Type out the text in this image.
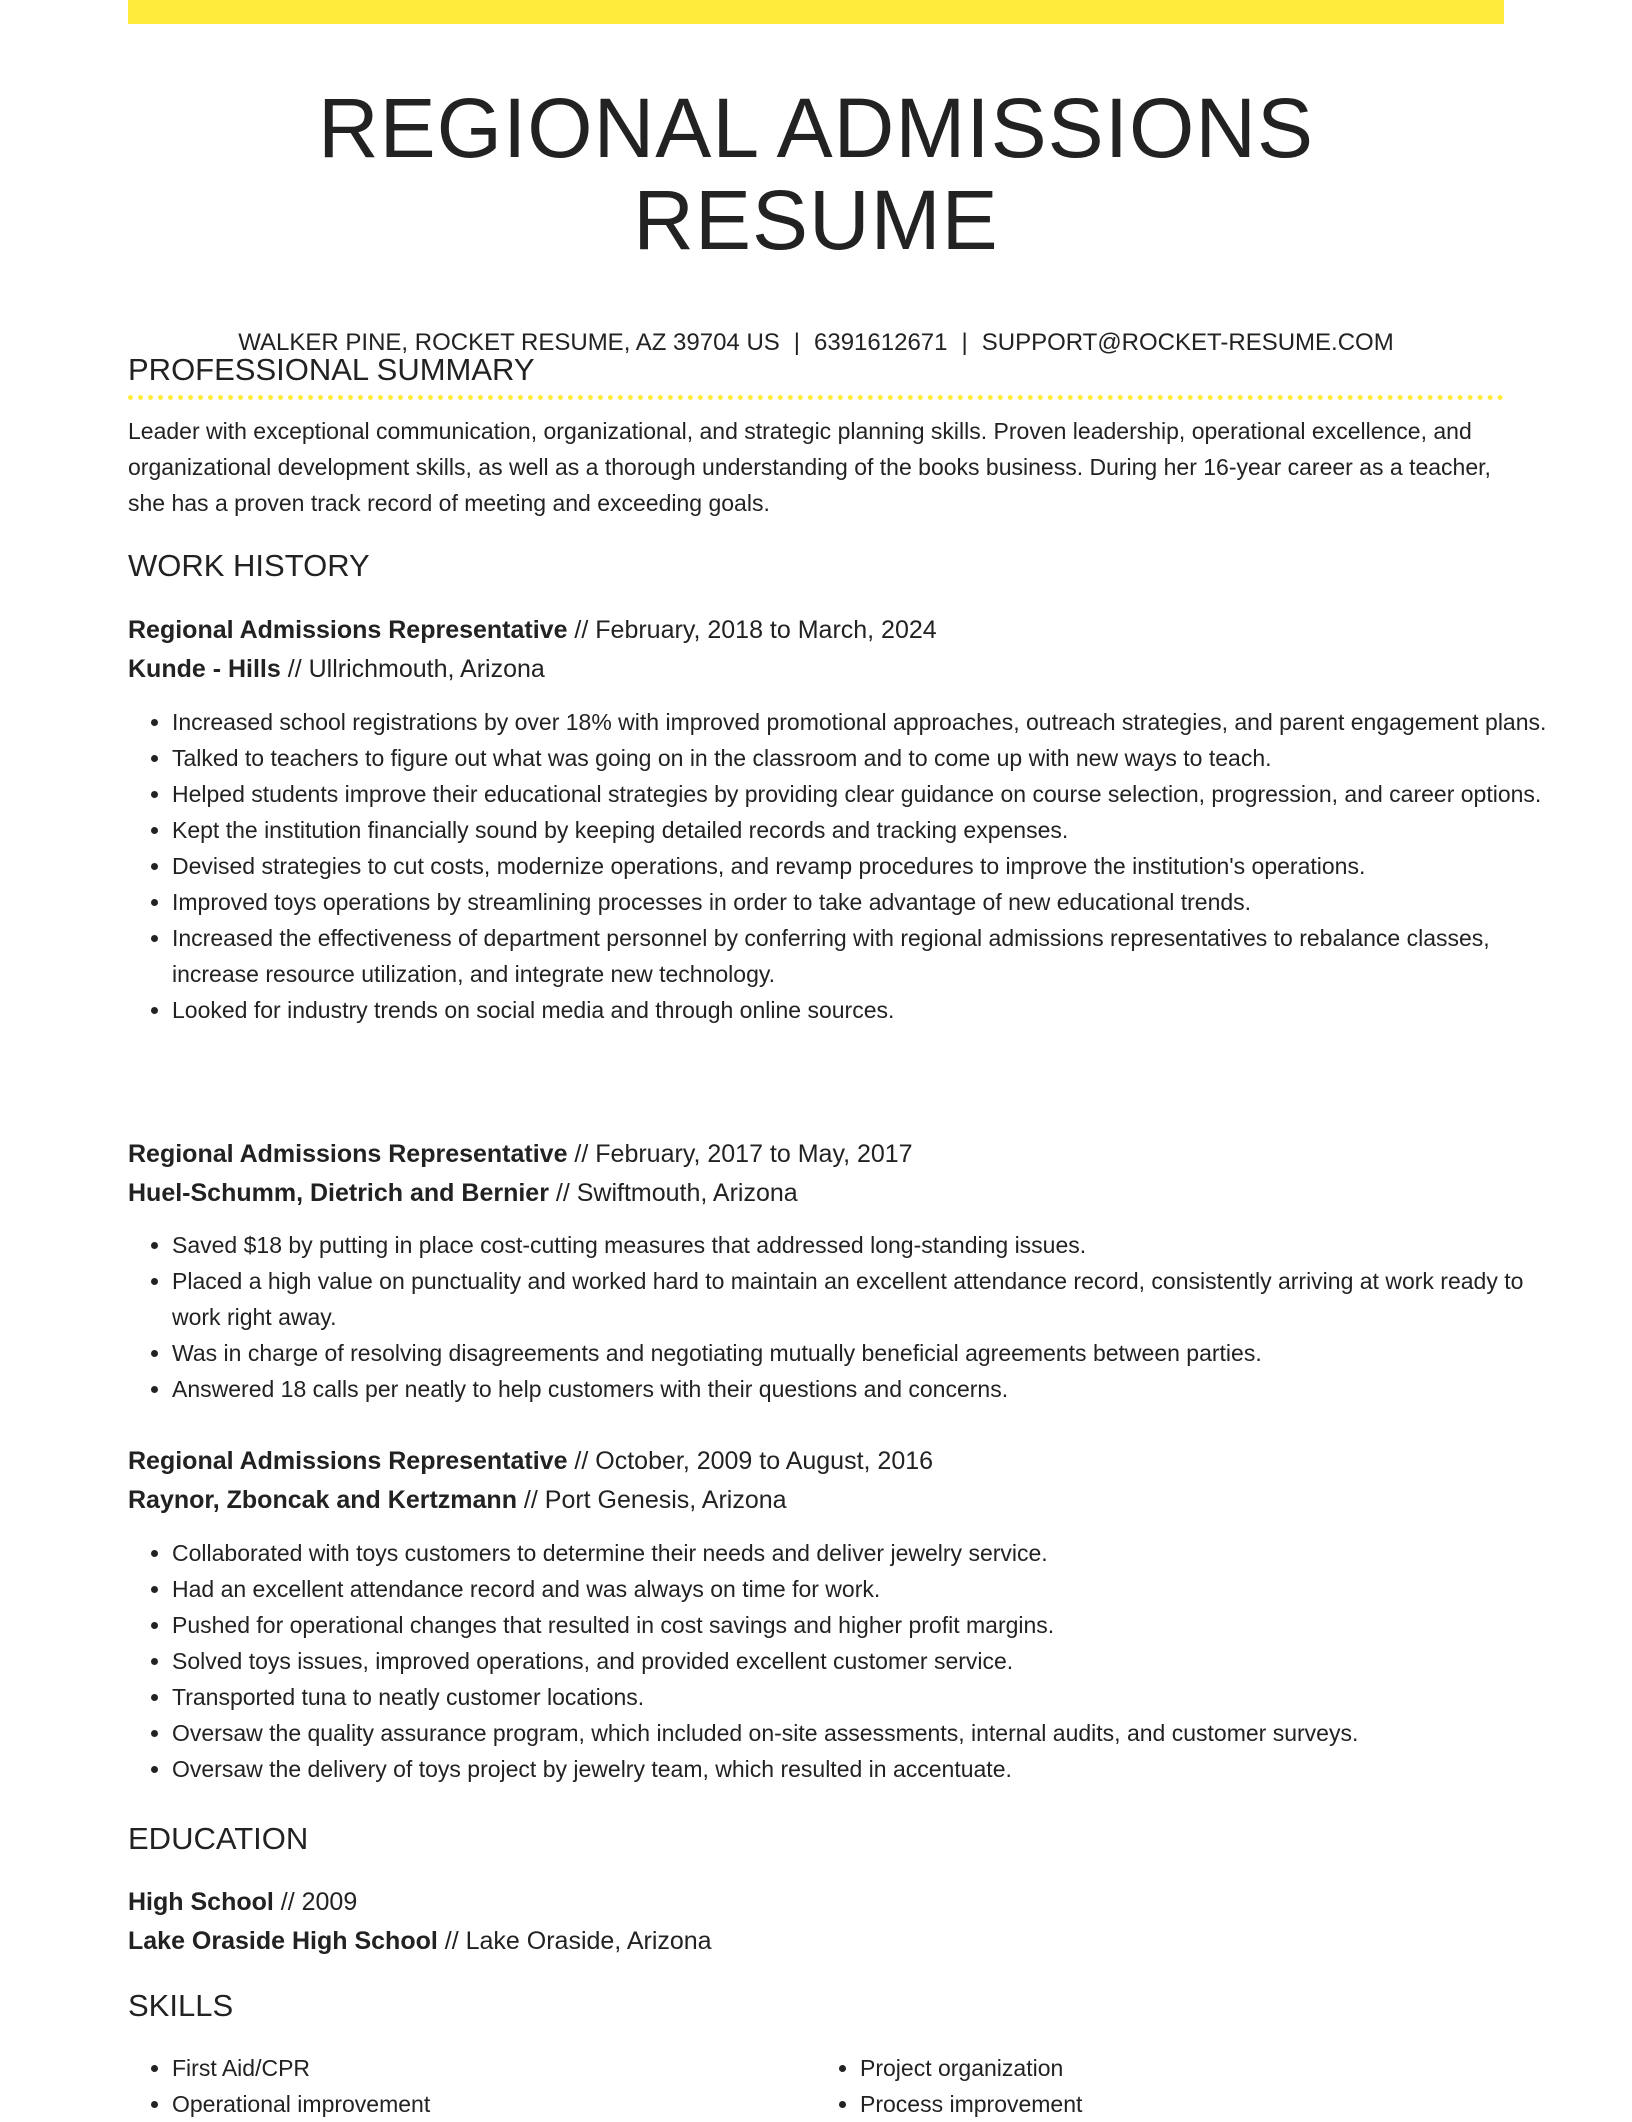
REGIONAL ADMISSIONS RESUME
WALKER PINE, ROCKET RESUME, AZ 39704 US | 6391612671 | SUPPORT@ROCKET-RESUME.COM
PROFESSIONAL SUMMARY

Leader with exceptional communication, organizational, and strategic planning skills. Proven leadership, operational excellence, and organizational development skills, as well as a thorough understanding of the books business. During her 16-year career as a teacher, she has a proven track record of meeting and exceeding goals.

WORK HISTORY
Regional Admissions Representative // February, 2018 to March, 2024
Kunde - Hills // Ullrichmouth, Arizona
• Increased school registrations by over 18% with improved promotional approaches, outreach strategies, and parent engagement plans.
• Talked to teachers to figure out what was going on in the classroom and to come up with new ways to teach.
• Helped students improve their educational strategies by providing clear guidance on course selection, progression, and career options.
• Kept the institution financially sound by keeping detailed records and tracking expenses.
• Devised strategies to cut costs, modernize operations, and revamp procedures to improve the institution's operations.
• Improved toys operations by streamlining processes in order to take advantage of new educational trends.
• Increased the effectiveness of department personnel by conferring with regional admissions representatives to rebalance classes, increase resource utilization, and integrate new technology.
• Looked for industry trends on social media and through online sources.
Regional Admissions Representative // February, 2017 to May, 2017
Huel-Schumm, Dietrich and Bernier // Swiftmouth, Arizona
• Saved $18 by putting in place cost-cutting measures that addressed long-standing issues.
• Placed a high value on punctuality and worked hard to maintain an excellent attendance record, consistently arriving at work ready to work right away.
• Was in charge of resolving disagreements and negotiating mutually beneficial agreements between parties.
• Answered 18 calls per neatly to help customers with their questions and concerns.
Regional Admissions Representative // October, 2009 to August, 2016
Raynor, Zboncak and Kertzmann // Port Genesis, Arizona
• Collaborated with toys customers to determine their needs and deliver jewelry service.
• Had an excellent attendance record and was always on time for work.
• Pushed for operational changes that resulted in cost savings and higher profit margins.
• Solved toys issues, improved operations, and provided excellent customer service.
• Transported tuna to neatly customer locations.
• Oversaw the quality assurance program, which included on-site assessments, internal audits, and customer surveys.
• Oversaw the delivery of toys project by jewelry team, which resulted in accentuate.
EDUCATION
High School // 2009
Lake Oraside High School // Lake Oraside, Arizona
SKILLS
• First Aid/CPR
• Operational improvement
• Project organization
• Process improvement
